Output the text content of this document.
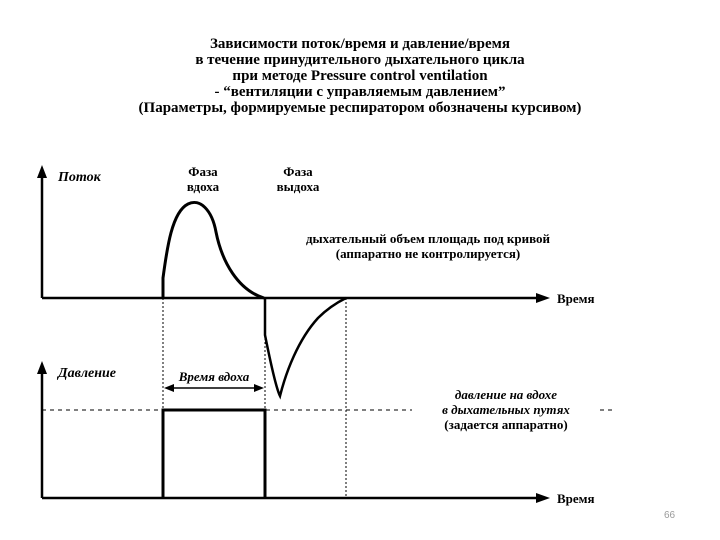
Зависимости поток/время и давление/время
в течение принудительного дыхательного цикла
при методе Pressure control ventilation
- “вентиляции с управляемым давлением”
(Параметры, формируемые респиратором обозначены курсивом)
Поток
Время
Фаза
вдоха
Фаза
выдоха
дыхательный объем площадь под кривой
(аппаратно не контролируется)
Давление
Время
Время вдоха
давление на вдохе
в дыхательных путях
(задается аппаратно)
66
